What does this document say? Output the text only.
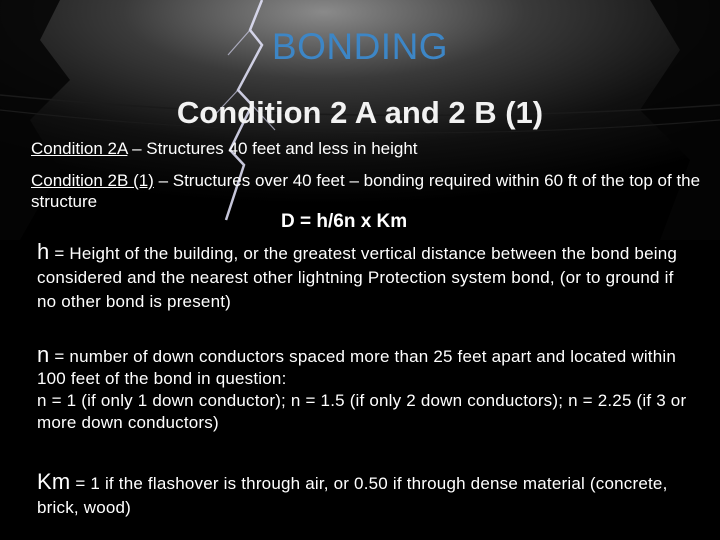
BONDING
Condition 2 A and 2 B (1)
Condition 2A – Structures 40 feet and less in height
Condition 2B (1) – Structures over 40 feet – bonding required within 60 ft of the top of the structure
D = h/6n x Km
h = Height of the building, or the greatest vertical distance between the bond being considered and the nearest other lightning Protection system bond, (or to ground if no other bond is present)
n = number of down conductors spaced more than 25 feet apart and located within 100 feet of the bond in question:
n = 1 (if only 1 down conductor); n = 1.5 (if only 2 down conductors); n = 2.25 (if 3 or more down conductors)
Km = 1 if the flashover is through air, or 0.50 if through dense material (concrete, brick, wood)
